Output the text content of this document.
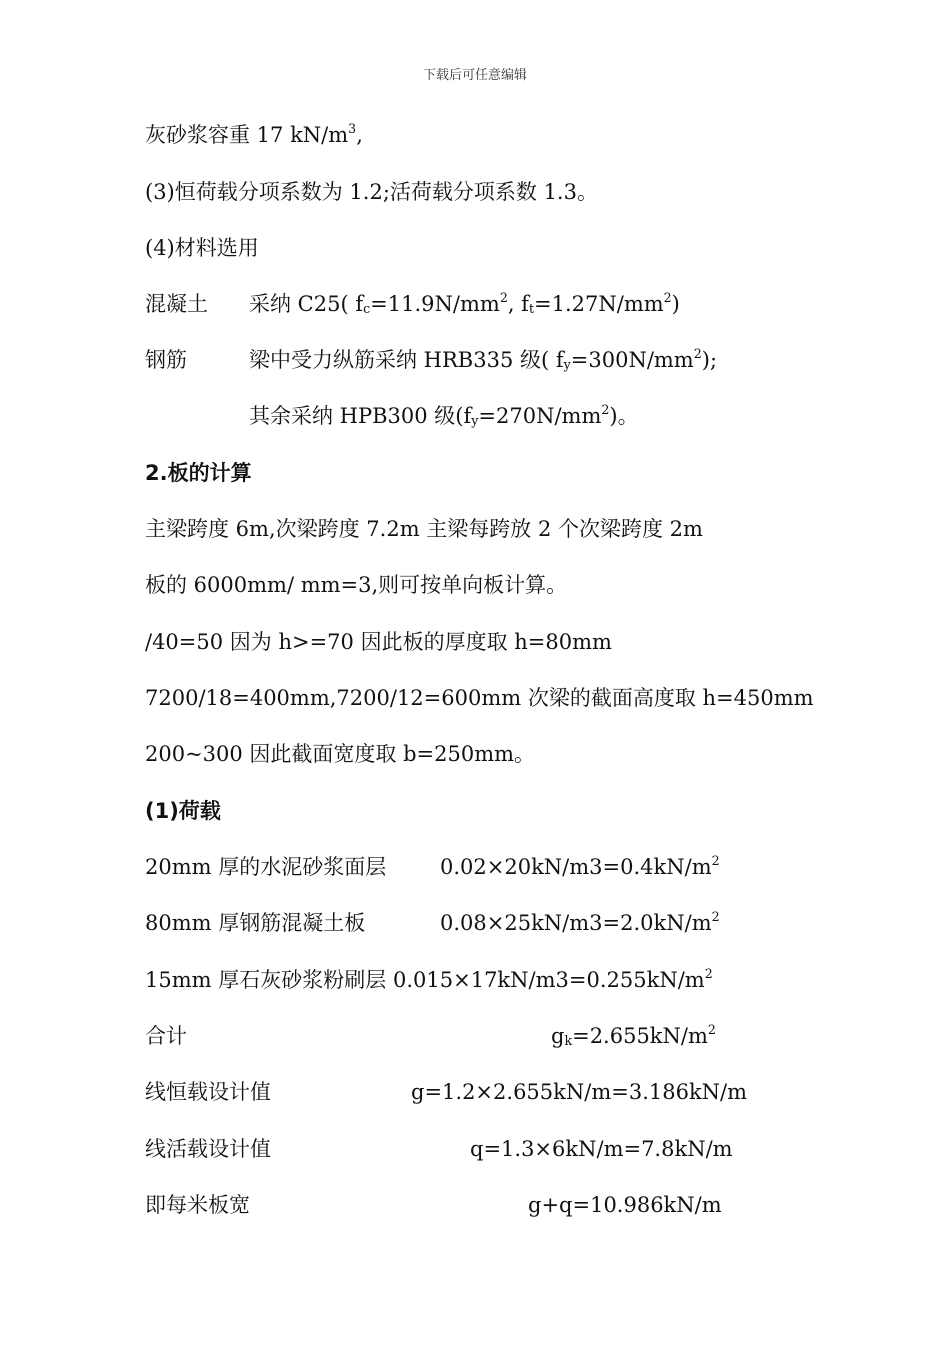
下载后可任意编辑
灰砂浆容重 17 $kN/m^3$,
(3)恒荷载分项系数为 1.2;活荷载分项系数 1.3。
(4)材料选用
混凝土 采纳 C25( $f_c=11.9N/mm^2$, $f_t=1.27N/mm^2$)
钢筋	梁中受力纵筋采纳 HRB335 级( $f_y=300N/mm^2$);
其余采纳 HPB300 级$(f_y=270N/mm^2)$。
2.板的计算
主梁跨度 6m,次梁跨度 7.2m 主梁每跨放 2 个次梁跨度 2m
板的 6000mm/ mm=3,则可按单向板计算。
/40=50 因为 h>=70 因此板的厚度取 h=80mm
7200/18=400mm,7200/12=600mm 次梁的截面高度取 h=450mm
200~300 因此截面宽度取 b=250mm。
(1)荷载
20mm 厚的水泥砂浆面层	$0.02\times 20kN/m3=0.4kN/m^2$
80mm 厚钢筋混凝土板	$0.08\times 25kN/m3=2.0kN/m^2$
15mm 厚石灰砂浆粉刷层 $0.015\times 17kN/m3=0.255kN/m^2$
合计	$g_k=2.655kN/m^2$
线恒载设计值	g=1.2×2.655kN/m=3.186kN/m
线活载设计值	q=1.3×6kN/m=7.8kN/m
即每米板宽	g+q=10.986kN/m
